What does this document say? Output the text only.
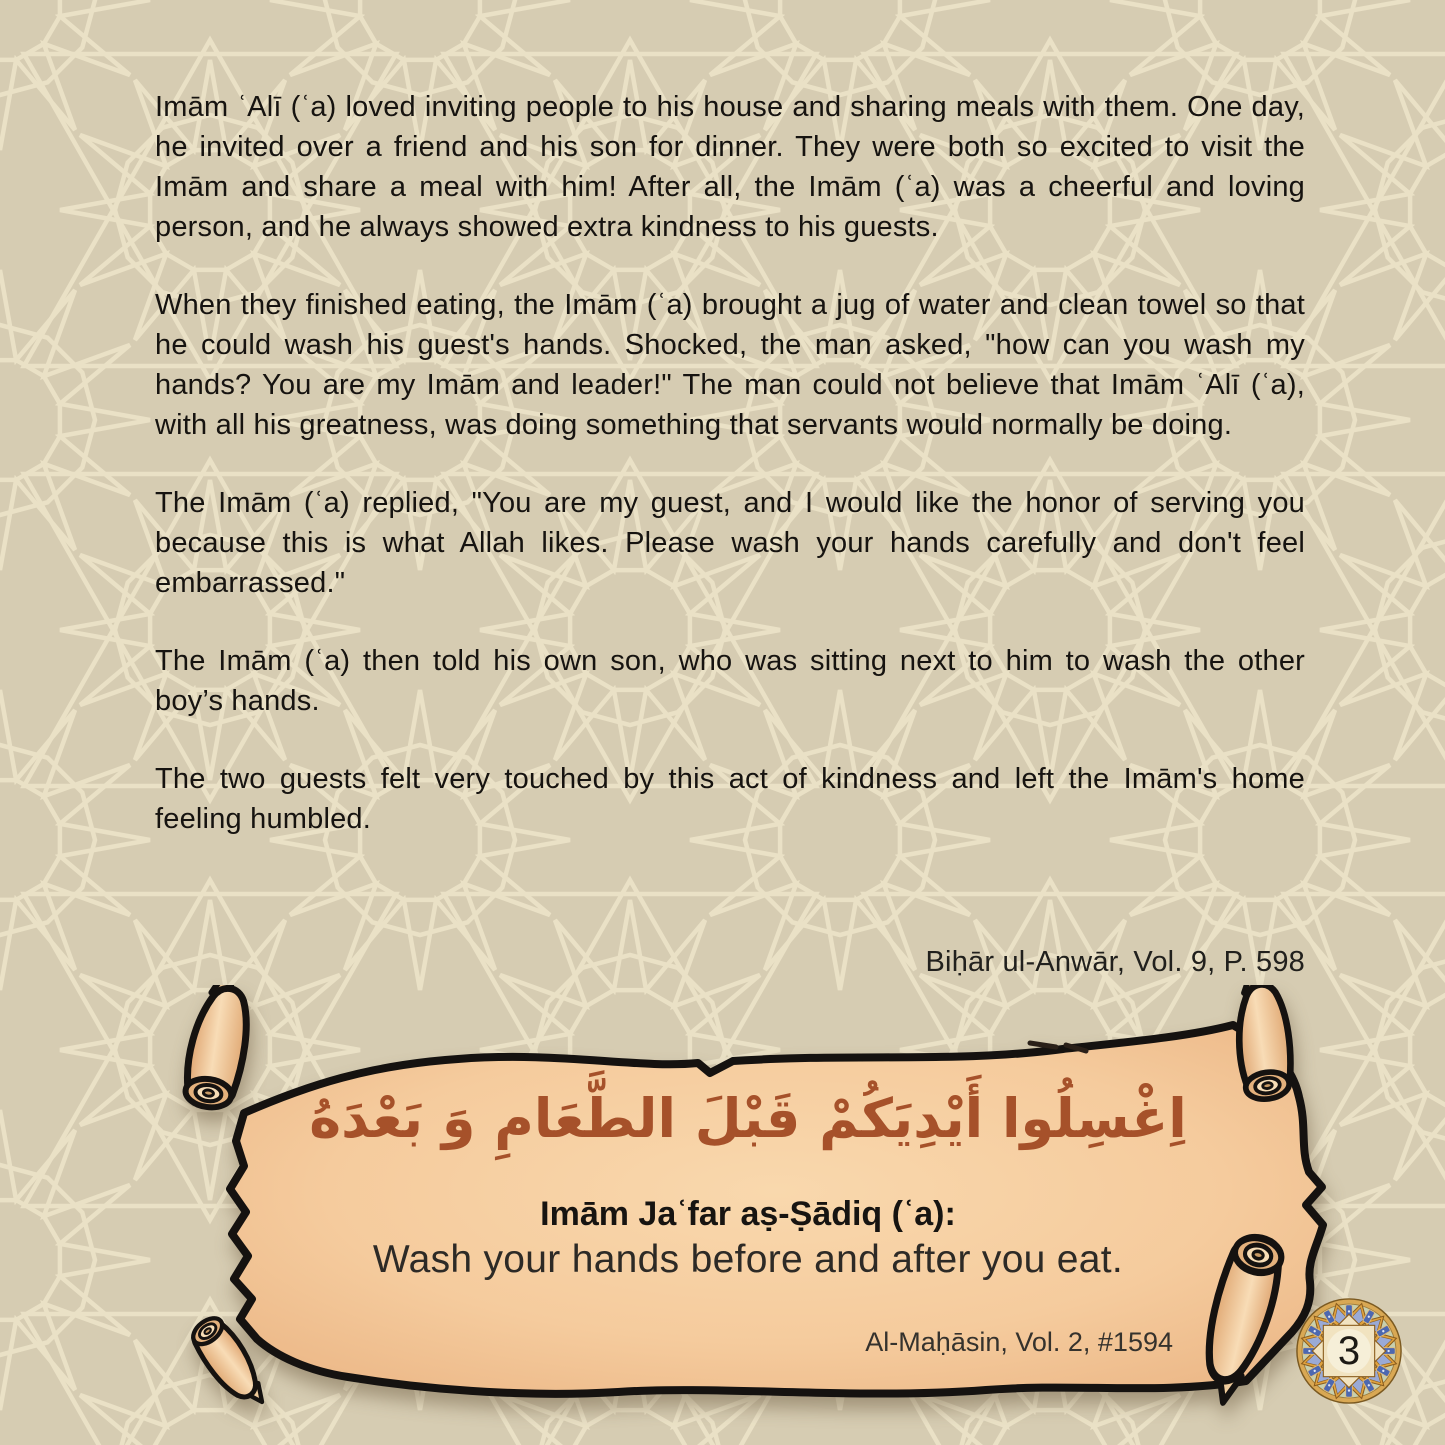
Imām ʿAlī (ʿa) loved inviting people to his house and sharing meals with them. One day, he invited over a friend and his son for dinner. They were both so excited to visit the Imām and share a meal with him! After all, the Imām (ʿa) was a cheerful and loving person, and he always showed extra kindness to his guests.

When they finished eating, the Imām (ʿa) brought a jug of water and clean towel so that he could wash his guest's hands. Shocked, the man asked, "how can you wash my hands? You are my Imām and leader!" The man could not believe that Imām ʿAlī (ʿa), with all his greatness, was doing something that servants would normally be doing.

The Imām (ʿa) replied, "You are my guest, and I would like the honor of serving you because this is what Allah likes. Please wash your hands carefully and don't feel embarrassed."

The Imām (ʿa) then told his own son, who was sitting next to him to wash the other boy’s hands.

The two guests felt very touched by this act of kindness and left the Imām's home feeling humbled.

Biḥār ul-Anwār, Vol. 9, P. 598
اِغْسِلُوا أَيْدِيَكُمْ قَبْلَ الطَّعَامِ وَ بَعْدَهُ
Imām Jaʿfar aṣ-Ṣādiq (ʿa):
Wash your hands before and after you eat.
Al-Maḥāsin, Vol. 2, #1594	3
